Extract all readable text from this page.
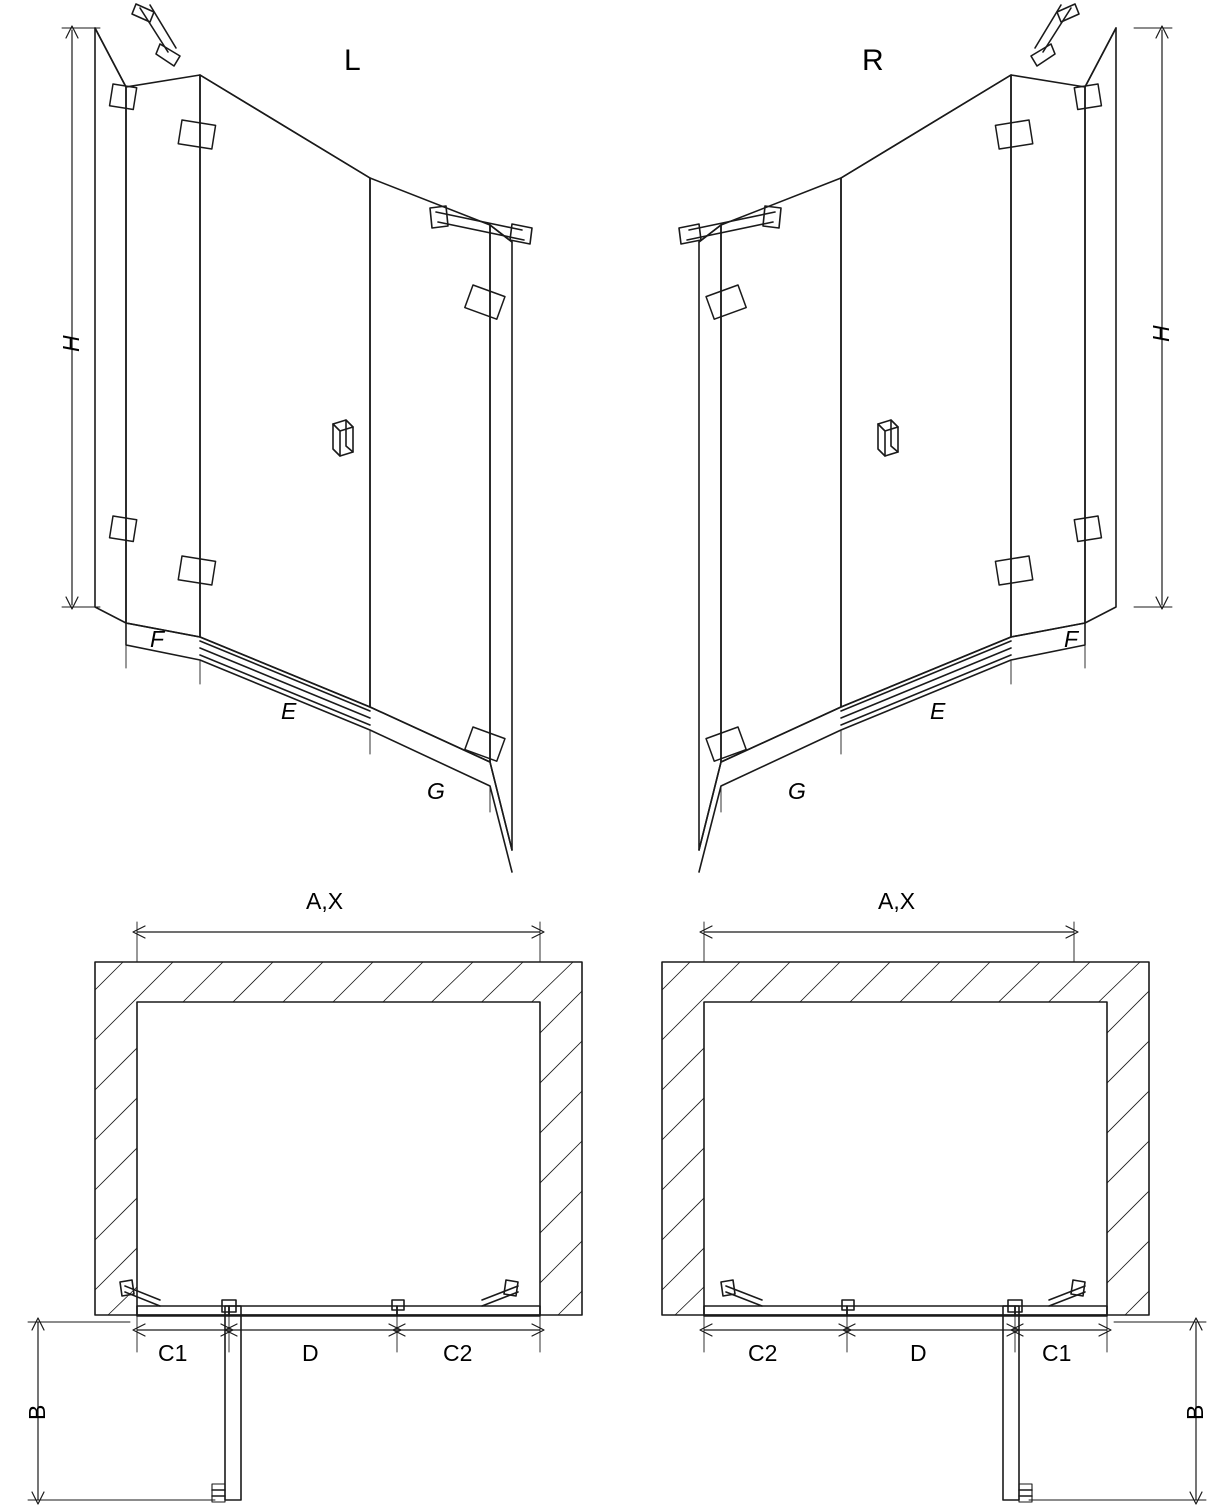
L	R
H
H
F
E
G
F
E
G
A,X	A,X
C1	D	C2	C2	D	C1
B	B
